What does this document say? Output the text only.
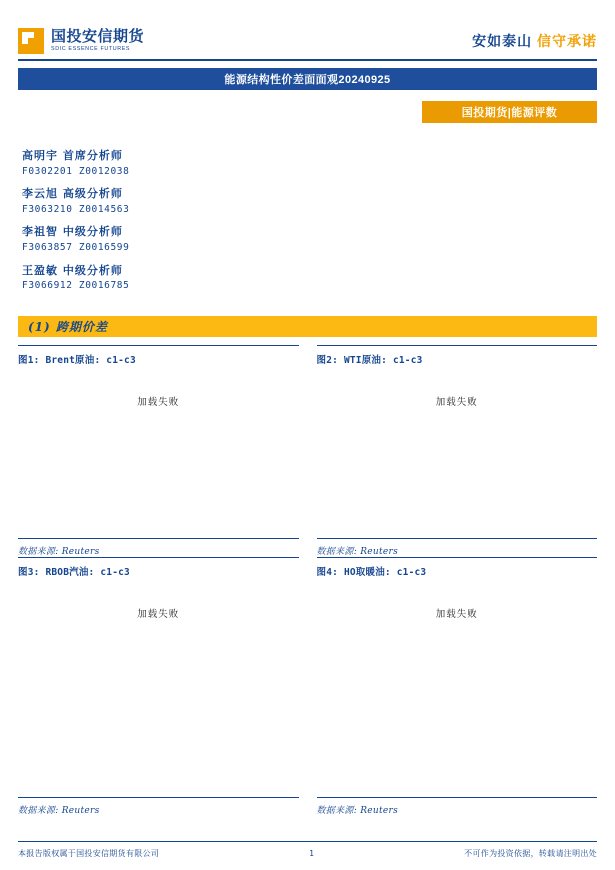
国投安信期货
SDIC ESSENCE FUTURES
安如泰山 信守承诺
能源结构性价差面面观20240925
国投期货|能源评数
高明宇 首席分析师
F0302201 Z0012038
李云旭 高级分析师
F3063210 Z0014563
李祖智 中级分析师
F3063857 Z0016599
王盈敏 中级分析师
F3066912 Z0016785
(1) 跨期价差
图1: Brent原油: c1-c3
加载失败
数据来源: Reuters
图2: WTI原油: c1-c3
加载失败
数据来源: Reuters
图3: RBOB汽油: c1-c3
加载失败
数据来源: Reuters
图4: HO取暖油: c1-c3
加载失败
数据来源: Reuters
本报告版权属于国投安信期货有限公司	1	不可作为投资依据，转载请注明出处
